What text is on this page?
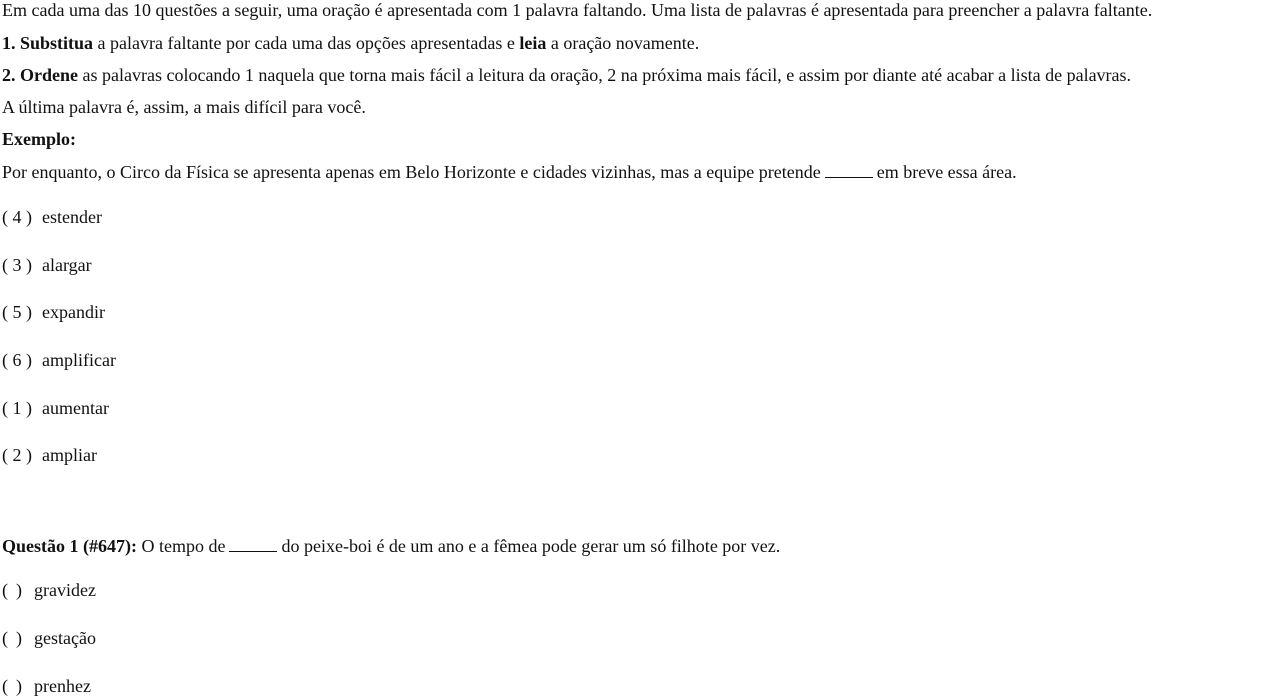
Em cada uma das 10 questões a seguir, uma oração é apresentada com 1 palavra faltando. Uma lista de palavras é apresentada para preencher a palavra faltante.
1. Substitua a palavra faltante por cada uma das opções apresentadas e leia a oração novamente.
2. Ordene as palavras colocando 1 naquela que torna mais fácil a leitura da oração, 2 na próxima mais fácil, e assim por diante até acabar a lista de palavras.
A última palavra é, assim, a mais difícil para você.
Exemplo:
Por enquanto, o Circo da Física se apresenta apenas em Belo Horizonte e cidades vizinhas, mas a equipe pretende	em breve essa área.
( 4 ) estender
( 3 ) alargar
( 5 ) expandir
( 6 ) amplificar
( 1 ) aumentar
( 2 ) ampliar
Questão 1 (#647): O tempo de	do peixe-boi é de um ano e a fêmea pode gerar um só filhote por vez.
( ) gravidez
( ) gestação
( ) prenhez
